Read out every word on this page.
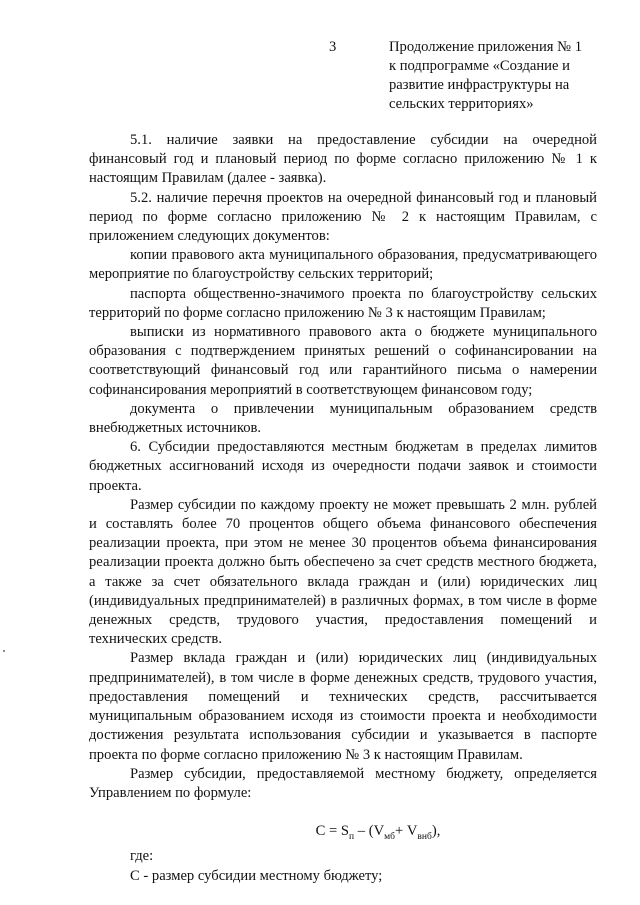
3	Продолжение приложения № 1
к подпрограмме «Создание и
развитие инфраструктуры на
сельских территориях»

5.1. наличие заявки на предоставление субсидии на очередной финансовый год и плановый период по форме согласно приложению № 1 к настоящим Правилам (далее - заявка).

5.2. наличие перечня проектов на очередной финансовый год и плановый период по форме согласно приложению № 2 к настоящим Правилам, с приложением следующих документов:

копии правового акта муниципального образования, предусматривающего мероприятие по благоустройству сельских территорий;

паспорта общественно-значимого проекта по благоустройству сельских территорий по форме согласно приложению № 3 к настоящим Правилам;

выписки из нормативного правового акта о бюджете муниципального образования с подтверждением принятых решений о софинансировании на соответствующий финансовый год или гарантийного письма о намерении софинансирования мероприятий в соответствующем финансовом году;

документа о привлечении муниципальным образованием средств внебюджетных источников.

6. Субсидии предоставляются местным бюджетам в пределах лимитов бюджетных ассигнований исходя из очередности подачи заявок и стоимости проекта.

Размер субсидии по каждому проекту не может превышать 2 млн. рублей и составлять более 70 процентов общего объема финансового обеспечения реализации проекта, при этом не менее 30 процентов объема финансирования реализации проекта должно быть обеспечено за счет средств местного бюджета, а также за счет обязательного вклада граждан и (или) юридических лиц (индивидуальных предпринимателей) в различных формах, в том числе в форме денежных средств, трудового участия, предоставления помещений и технических средств.

Размер вклада граждан и (или) юридических лиц (индивидуальных предпринимателей), в том числе в форме денежных средств, трудового участия, предоставления помещений и технических средств, рассчитывается муниципальным образованием исходя из стоимости проекта и необходимости достижения результата использования субсидии и указывается в паспорте проекта по форме согласно приложению № 3 к настоящим Правилам.

Размер субсидии, предоставляемой местному бюджету, определяется Управлением по формуле:

$C = S_п - (V_{мб}+ V_{внб})$,

где:

С - размер субсидии местному бюджету;
